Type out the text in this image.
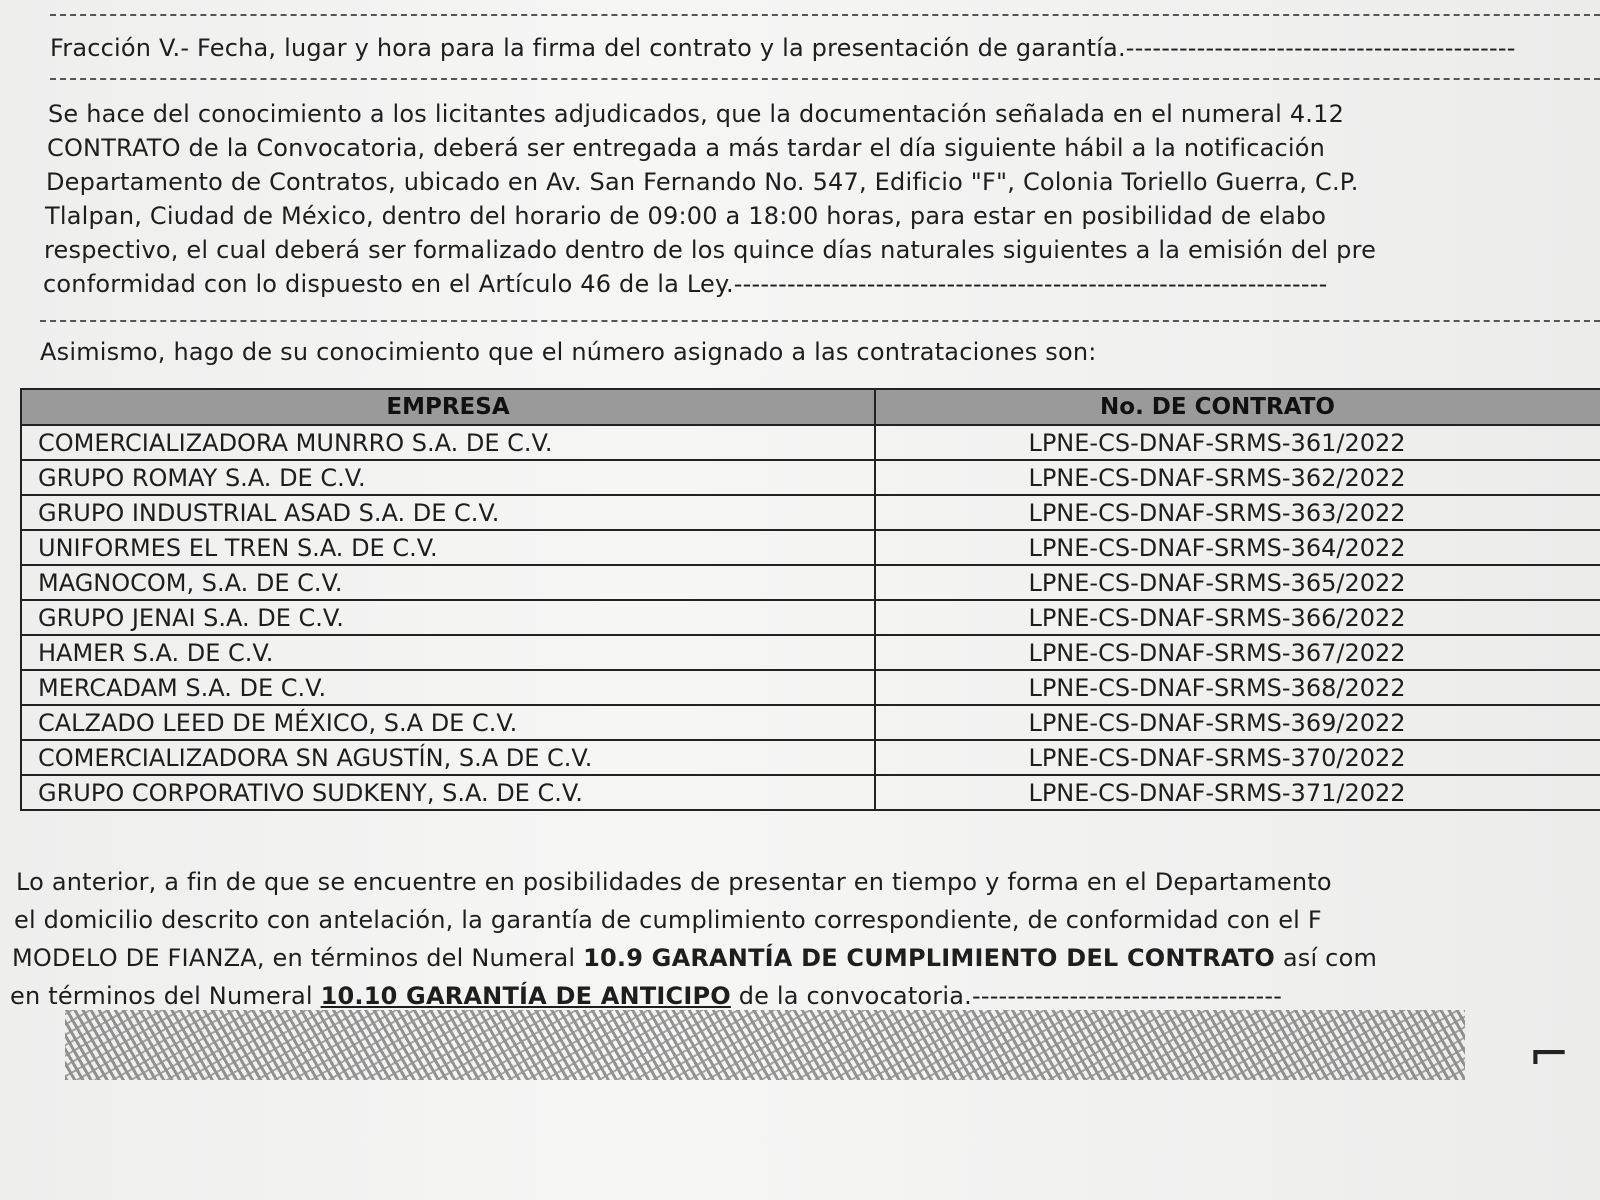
Fracción V.- Fecha, lugar y hora para la firma del contrato y la presentación de garantía.--------------------------------------------
Se hace del conocimiento a los licitantes adjudicados, que la documentación señalada en el numeral 4.12
CONTRATO de la Convocatoria, deberá ser entregada a más tardar el día siguiente hábil a la notificación
Departamento de Contratos, ubicado en Av. San Fernando No. 547, Edificio "F", Colonia Toriello Guerra, C.P.
Tlalpan, Ciudad de México, dentro del horario de 09:00 a 18:00 horas, para estar en posibilidad de elabo
respectivo, el cual deberá ser formalizado dentro de los quince días naturales siguientes a la emisión del pre
conformidad con lo dispuesto en el Artículo 46 de la Ley.-------------------------------------------------------------------
Asimismo, hago de su conocimiento que el número asignado a las contrataciones son:
EMPRESA	No. DE CONTRATO
COMERCIALIZADORA MUNRRO S.A. DE C.V.	LPNE-CS-DNAF-SRMS-361/2022
GRUPO ROMAY S.A. DE C.V.	LPNE-CS-DNAF-SRMS-362/2022
GRUPO INDUSTRIAL ASAD S.A. DE C.V.	LPNE-CS-DNAF-SRMS-363/2022
UNIFORMES EL TREN S.A. DE C.V.	LPNE-CS-DNAF-SRMS-364/2022
MAGNOCOM, S.A. DE C.V.	LPNE-CS-DNAF-SRMS-365/2022
GRUPO JENAI S.A. DE C.V.	LPNE-CS-DNAF-SRMS-366/2022
HAMER S.A. DE C.V.	LPNE-CS-DNAF-SRMS-367/2022
MERCADAM S.A. DE C.V.	LPNE-CS-DNAF-SRMS-368/2022
CALZADO LEED DE MÉXICO, S.A DE C.V.	LPNE-CS-DNAF-SRMS-369/2022
COMERCIALIZADORA SN AGUSTÍN, S.A DE C.V.	LPNE-CS-DNAF-SRMS-370/2022
GRUPO CORPORATIVO SUDKENY, S.A. DE C.V.	LPNE-CS-DNAF-SRMS-371/2022
Lo anterior, a fin de que se encuentre en posibilidades de presentar en tiempo y forma en el Departamento
el domicilio descrito con antelación, la garantía de cumplimiento correspondiente, de conformidad con el F
MODELO DE FIANZA, en términos del Numeral 10.9 GARANTÍA DE CUMPLIMIENTO DEL CONTRATO así com
en términos del Numeral 10.10 GARANTÍA DE ANTICIPO de la convocatoria.-----------------------------------
⌐
